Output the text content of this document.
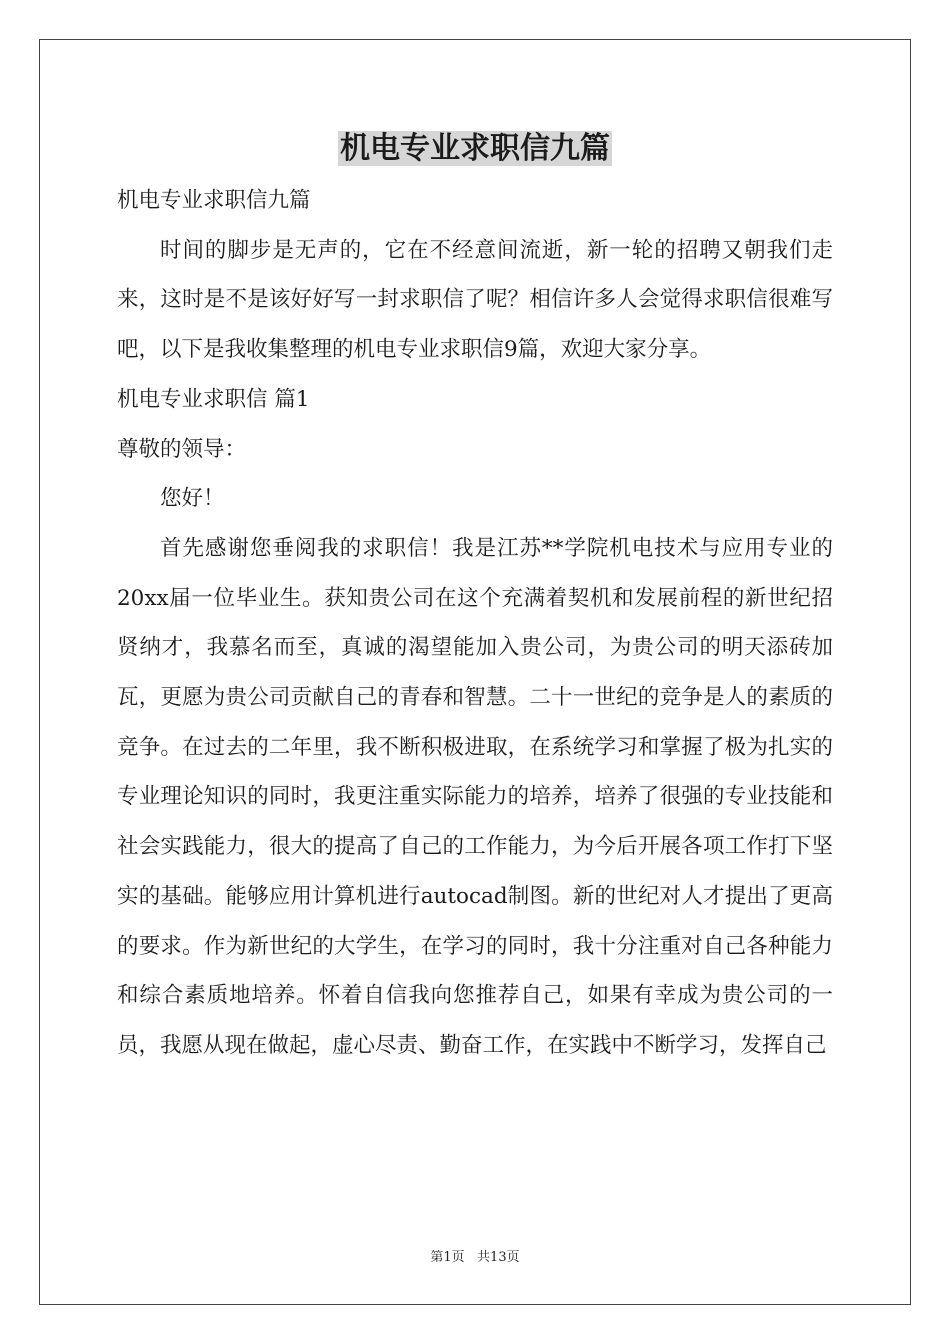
机电专业求职信九篇

机电专业求职信九篇

时间的脚步是无声的，它在不经意间流逝，新一轮的招聘又朝我们走来，这时是不是该好好写一封求职信了呢？相信许多人会觉得求职信很难写吧，以下是我收集整理的机电专业求职信9篇，欢迎大家分享。

机电专业求职信 篇1

尊敬的领导：

您好！

首先感谢您垂阅我的求职信！我是江苏**学院机电技术与应用专业的20xx届一位毕业生。获知贵公司在这个充满着契机和发展前程的新世纪招贤纳才，我慕名而至，真诚的渴望能加入贵公司，为贵公司的明天添砖加瓦，更愿为贵公司贡献自己的青春和智慧。二十一世纪的竞争是人的素质的竞争。在过去的二年里，我不断积极进取，在系统学习和掌握了极为扎实的专业理论知识的同时，我更注重实际能力的培养，培养了很强的专业技能和社会实践能力，很大的提高了自己的工作能力，为今后开展各项工作打下坚实的基础。能够应用计算机进行autocad制图。新的世纪对人才提出了更高的要求。作为新世纪的大学生，在学习的同时，我十分注重对自己各种能力和综合素质地培养。怀着自信我向您推荐自己，如果有幸成为贵公司的一员，我愿从现在做起，虚心尽责、勤奋工作，在实践中不断学习，发挥自己

第1页   共13页
